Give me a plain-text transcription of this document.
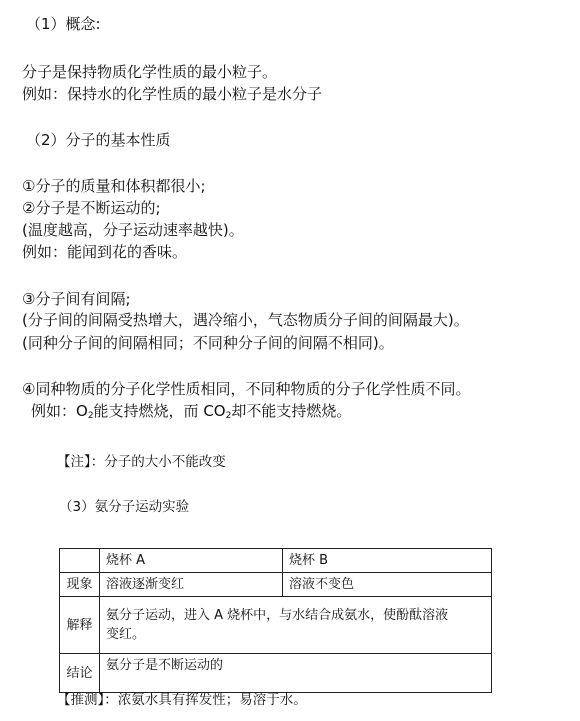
（1）概念:
分子是保持物质化学性质的最小粒子。
例如：保持水的化学性质的最小粒子是水分子
（2）分子的基本性质
①分子的质量和体积都很小;
②分子是不断运动的;
(温度越高，分子运动速率越快)。
例如：能闻到花的香味。
③分子间有间隔;
(分子间的间隔受热增大，遇冷缩小，气态物质分子间的间隔最大)。
(同种分子间的间隔相同；不同种分子间的间隔不相同)。
④同种物质的分子化学性质相同，不同种物质的分子化学性质不同。
例如：$O_2$能支持燃烧，而 $CO_2$却不能支持燃烧。
【注】：分子的大小不能改变
（3）氨分子运动实验
	烧杯 A	烧杯 B
现象	溶液逐渐变红	溶液不变色
解释	氨分子运动，进入 A 烧杯中，与水结合成氨水，使酚酞溶液变红。	
结论	氨分子是不断运动的	
【推测】：浓氨水具有挥发性；易溶于水。
